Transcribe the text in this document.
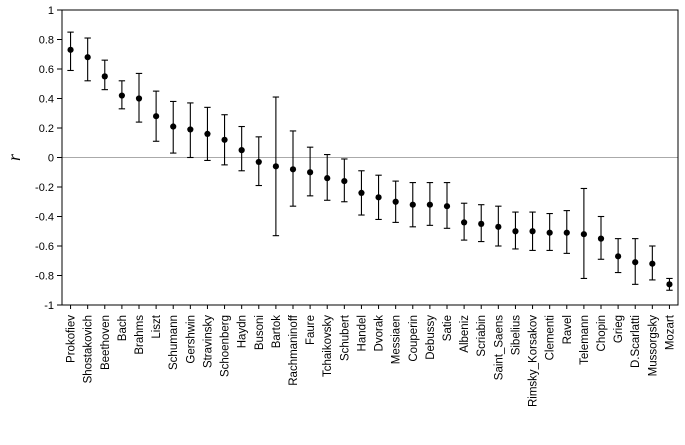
1
0.8
0.6
0.4
0.2
0
-0.2
-0.4
-0.6
-0.8
-1
r
Prokofiev Shostakovich Beethoven Bach Brahms Liszt Schumann Gershwin Stravinsky Schoenberg Haydn Busoni Bartok Rachmaninoff Faure Tchaikovsky Schubert Handel Dvorak Messiaen Couperin Debussy Satie Albeniz Scriabin Saint_Saens Sibelius Rimsky_Korsakov Clementi Ravel Telemann Chopin Grieg D.Scarlatti Mussorgsky Mozart
